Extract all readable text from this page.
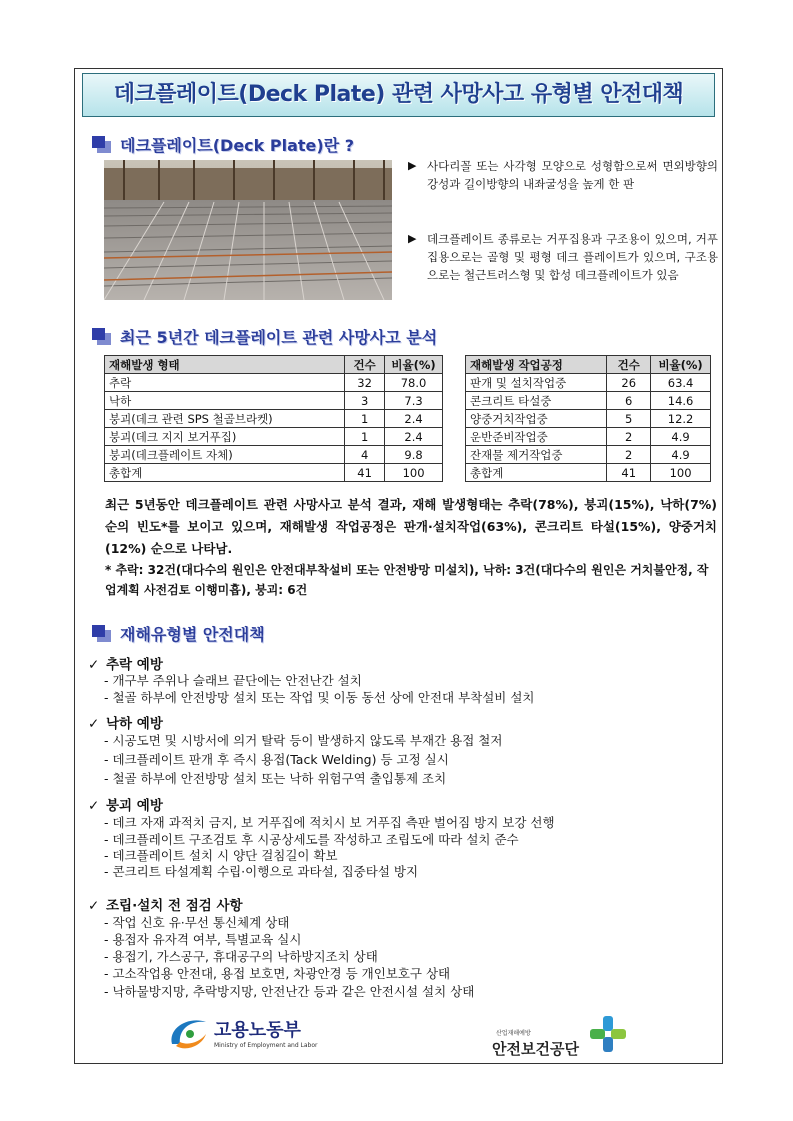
데크플레이트(Deck Plate) 관련 사망사고 유형별 안전대책
데크플레이트(Deck Plate)란 ?
▶ 사다리꼴 또는 사각형 모양으로 성형함으로써 면외방향의 강성과 길이방향의 내좌굴성을 높게 한 판
▶ 데크플레이트 종류로는 거푸집용과 구조용이 있으며, 거푸집용으로는 골형 및 평형 데크 플레이트가 있으며, 구조용으로는 철근트러스형 및 합성 데크플레이트가 있음
최근 5년간 데크플레이트 관련 사망사고 분석
재해발생 형태	건수	비율(%)
추락	32	78.0
낙하	3	7.3
붕괴(데크 관련 SPS 철골브라켓)	1	2.4
붕괴(데크 지지 보거푸집)	1	2.4
붕괴(데크플레이트 자체)	4	9.8
총합계	41	100
재해발생 작업공정	건수	비율(%)
판개 및 설치작업중	26	63.4
콘크리트 타설중	6	14.6
양중거치작업중	5	12.2
운반준비작업중	2	4.9
잔재물 제거작업중	2	4.9
총합계	41	100
최근 5년동안 데크플레이트 관련 사망사고 분석 결과, 재해 발생형태는 추락(78%), 붕괴(15%), 낙하(7%) 순의 빈도*를 보이고 있으며, 재해발생 작업공정은 판개·설치작업(63%), 콘크리트 타설(15%), 양중거치(12%) 순으로 나타남.
* 추락: 32건(대다수의 원인은 안전대부착설비 또는 안전방망 미설치), 낙하: 3건(대다수의 원인은 거치불안정, 작업계획 사전검토 이행미흡), 붕괴: 6건
재해유형별 안전대책
✓ 추락 예방
- 개구부 주위나 슬래브 끝단에는 안전난간 설치
- 철골 하부에 안전방망 설치 또는 작업 및 이동 동선 상에 안전대 부착설비 설치
✓ 낙하 예방
- 시공도면 및 시방서에 의거 탈락 등이 발생하지 않도록 부재간 용접 철저
- 데크플레이트 판개 후 즉시 용접(Tack Welding) 등 고정 실시
- 철골 하부에 안전방망 설치 또는 낙하 위험구역 출입통제 조치
✓ 붕괴 예방
- 데크 자재 과적치 금지, 보 거푸집에 적치시 보 거푸집 측판 벌어짐 방지 보강 선행
- 데크플레이트 구조검토 후 시공상세도를 작성하고 조립도에 따라 설치 준수
- 데크플레이트 설치 시 양단 걸침길이 확보
- 콘크리트 타설계획 수립·이행으로 과타설, 집중타설 방지
✓ 조립·설치 전 점검 사항
- 작업 신호 유·무선 통신체계 상태
- 용접자 유자격 여부, 특별교육 실시
- 용접기, 가스공구, 휴대공구의 낙하방지조치 상태
- 고소작업용 안전대, 용접 보호면, 차광안경 등 개인보호구 상태
- 낙하물방지망, 추락방지망, 안전난간 등과 같은 안전시설 설치 상태
고용노동부
Ministry of Employment and Labor
산업재해예방
안전보건공단
